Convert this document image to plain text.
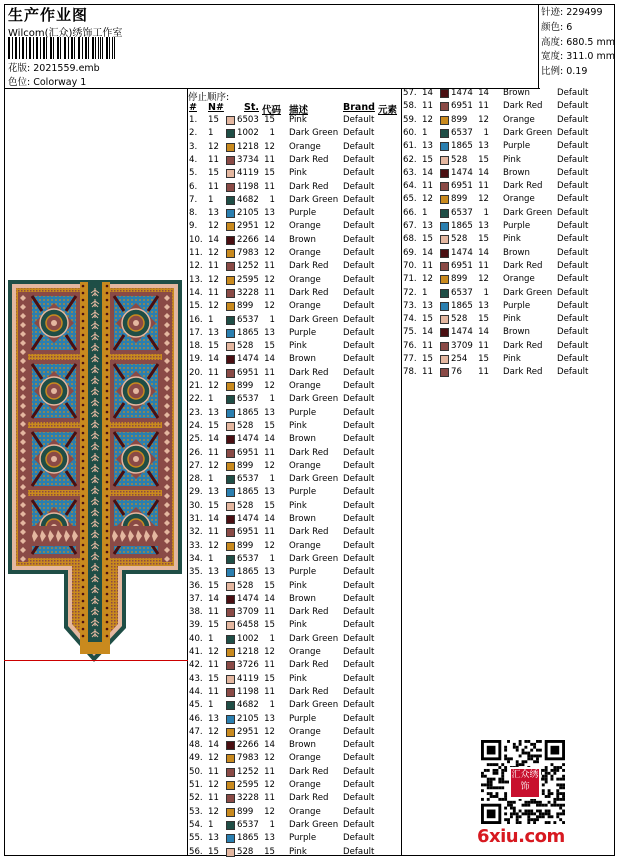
生产作业图
Wilcom(汇众)绣饰工作室
花版: 2021559.emb
色位: Colorway 1
针迹: 229499
颜色: 6
高度: 680.5 mm
宽度: 311.0 mm
比例: 0.19
停止顺序:
# N# St. 代码 描述	Brand 元素
1. 15 6503 15 Pink	Default
2. 1	1002	1 Dark Green Default
3. 12 1218 12 Orange	Default
4. 11 3734 11 Dark Red Default
5. 15 4119 15 Pink	Default
6. 11 1198 11 Dark Red Default
7. 1	4682	1 Dark Green Default
8. 13 2105 13 Purple	Default
9. 12 2951 12 Orange	Default
10. 14 2266 14 Brown	Default
11. 12 7983 12 Orange	Default
12. 11 1252 11 Dark Red Default
13. 12 2595 12 Orange	Default
14. 11 3228 11 Dark Red Default
15. 12 899	12 Orange	Default
16. 1	6537	1 Dark Green Default
17. 13 1865 13 Purple	Default
18. 15 528	15 Pink	Default
19. 14 1474 14 Brown	Default
20. 11 6951 11 Dark Red Default
21. 12 899	12 Orange	Default
22. 1	6537	1 Dark Green Default
23. 13 1865 13 Purple	Default
24. 15 528	15 Pink	Default
25. 14 1474 14 Brown	Default
26. 11 6951 11 Dark Red Default
27. 12 899	12 Orange	Default
28. 1	6537	1 Dark Green Default
29. 13 1865 13 Purple	Default
30. 15 528	15 Pink	Default
31. 14 1474 14 Brown	Default
32. 11 6951 11 Dark Red Default
33. 12 899	12 Orange	Default
34. 1	6537	1 Dark Green Default
35. 13 1865 13 Purple	Default
36. 15 528	15 Pink	Default
37. 14 1474 14 Brown	Default
38. 11 3709 11 Dark Red Default
39. 15 6458 15 Pink	Default
40. 1	1002	1 Dark Green Default
41. 12 1218 12 Orange	Default
42. 11 3726 11 Dark Red Default
43. 15 4119 15 Pink	Default
44. 11 1198 11 Dark Red Default
45. 1	4682	1 Dark Green Default
46. 13 2105 13 Purple	Default
47. 12 2951 12 Orange	Default
48. 14 2266 14 Brown	Default
49. 12 7983 12 Orange	Default
50. 11 1252 11 Dark Red Default
51. 12 2595 12 Orange	Default
52. 11 3228 11 Dark Red Default
53. 12 899	12 Orange	Default
54. 1	6537	1 Dark Green Default
55. 13 1865 13 Purple	Default
56. 15 528	15 Pink	Default
57. 14 1474 14 Brown	Default
58. 11 6951 11 Dark Red Default
59. 12 899	12 Orange	Default
60. 1	6537	1 Dark Green Default
61. 13 1865 13 Purple	Default
62. 15 528	15 Pink	Default
63. 14 1474 14 Brown	Default
64. 11 6951 11 Dark Red Default
65. 12 899	12 Orange	Default
66. 1	6537	1 Dark Green Default
67. 13 1865 13 Purple	Default
68. 15 528	15 Pink	Default
69. 14 1474 14 Brown	Default
70. 11 6951 11 Dark Red Default
71. 12 899	12 Orange	Default
72. 1	6537	1 Dark Green Default
73. 13 1865 13 Purple	Default
74. 15 528	15 Pink	Default
75. 14 1474 14 Brown	Default
76. 11 3709 11 Dark Red Default
77. 15 254	15 Pink	Default
78. 11 76	11 Dark Red Default
汇众绣饰
6xiu.com
